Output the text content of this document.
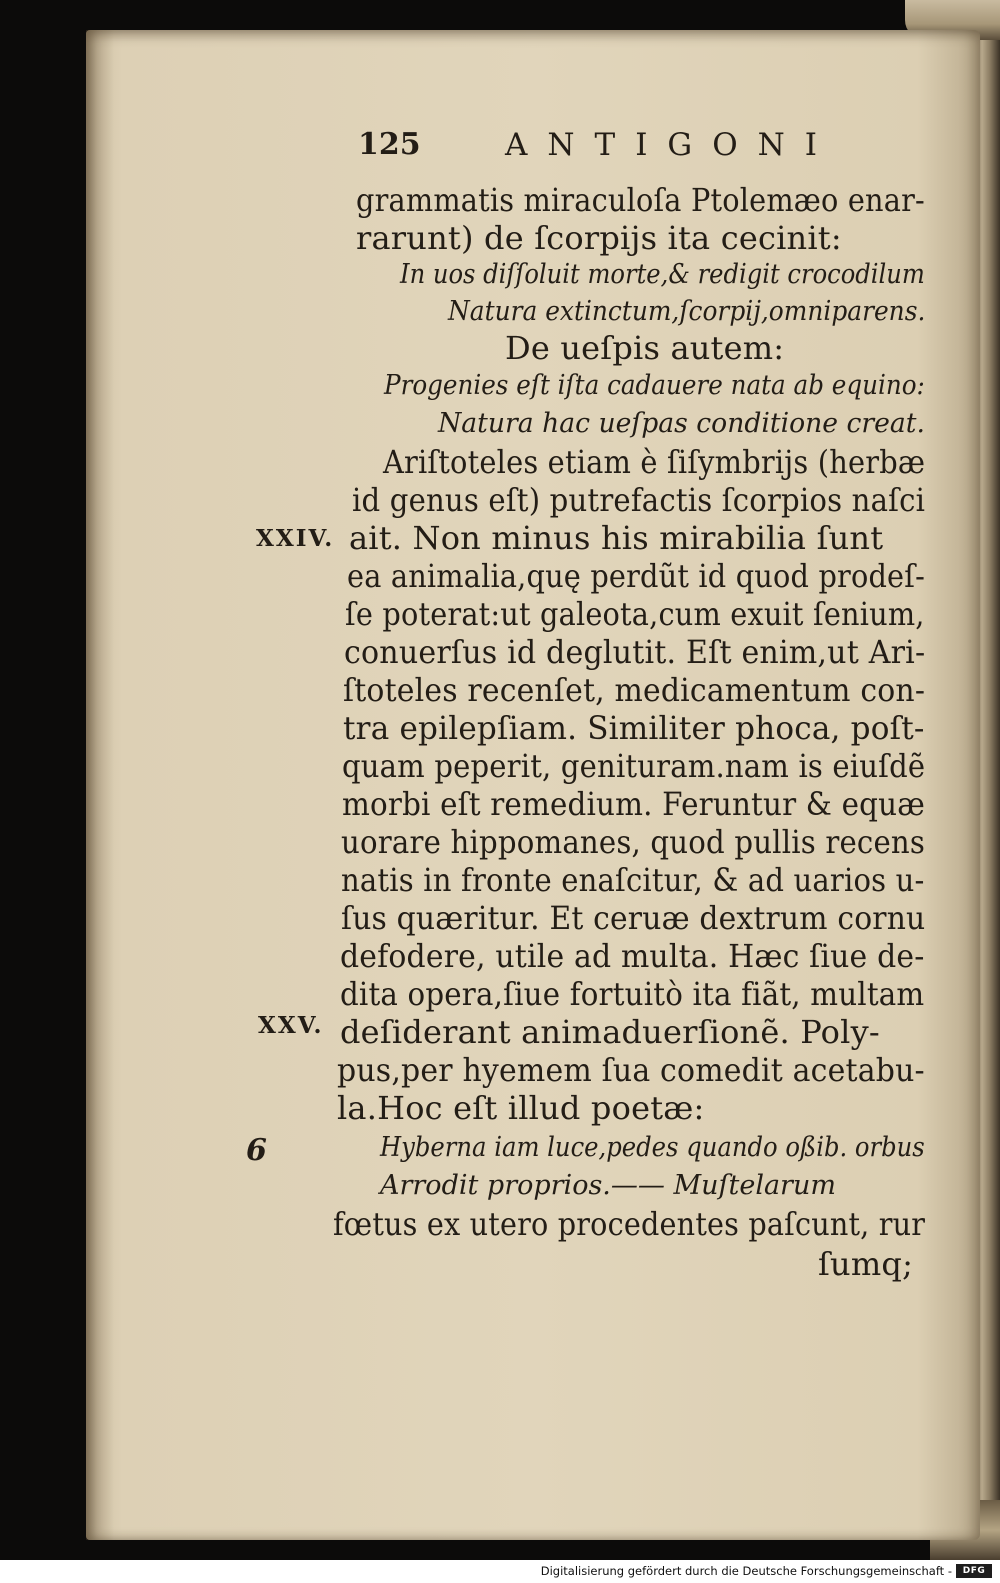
125	ANTIGONI
grammatis miraculoſa Ptolemæo enar-
rarunt) de ſcorpijs ita cecinit:
In uos diſſoluit morte,& redigit crocodilum
Natura extinctum,ſcorpij,omniparens.
De ueſpis autem:
Progenies eſt iſta cadauere nata ab equino:
Natura hac ueſpas conditione creat.
Ariſtoteles etiam è ſiſymbrijs (herbæ
id genus eſt) putrefactis ſcorpios naſci
ait. Non minus his mirabilia ſunt
ea animalia,quę perdũt id quod prodeſ-
ſe poterat:ut galeota,cum exuit ſenium,
conuerſus id deglutit. Eſt enim,ut Ari-
ſtoteles recenſet, medicamentum con-
tra epilepſiam. Similiter phoca, poſt-
quam peperit, genituram.nam is eiuſdẽ
morbi eſt remedium. Feruntur & equæ
uorare hippomanes, quod pullis recens
natis in fronte enaſcitur, & ad uarios u-
ſus quæritur. Et ceruæ dextrum cornu
defodere, utile ad multa. Hæc ſiue de-
dita opera,ſiue fortuitò ita fiãt, multam
deſiderant animaduerſionẽ. Poly-
pus,per hyemem ſua comedit acetabu-
la.Hoc eſt illud poetæ:
Hyberna iam luce,pedes quando oßib. orbus
Arrodit proprios.—— Muſtelarum
fœtus ex utero procedentes paſcunt, rur
ſumq;
XXIV.
XXV.
6
Digitalisierung gefördert durch die Deutsche Forschungsgemeinschaft -	DFG
